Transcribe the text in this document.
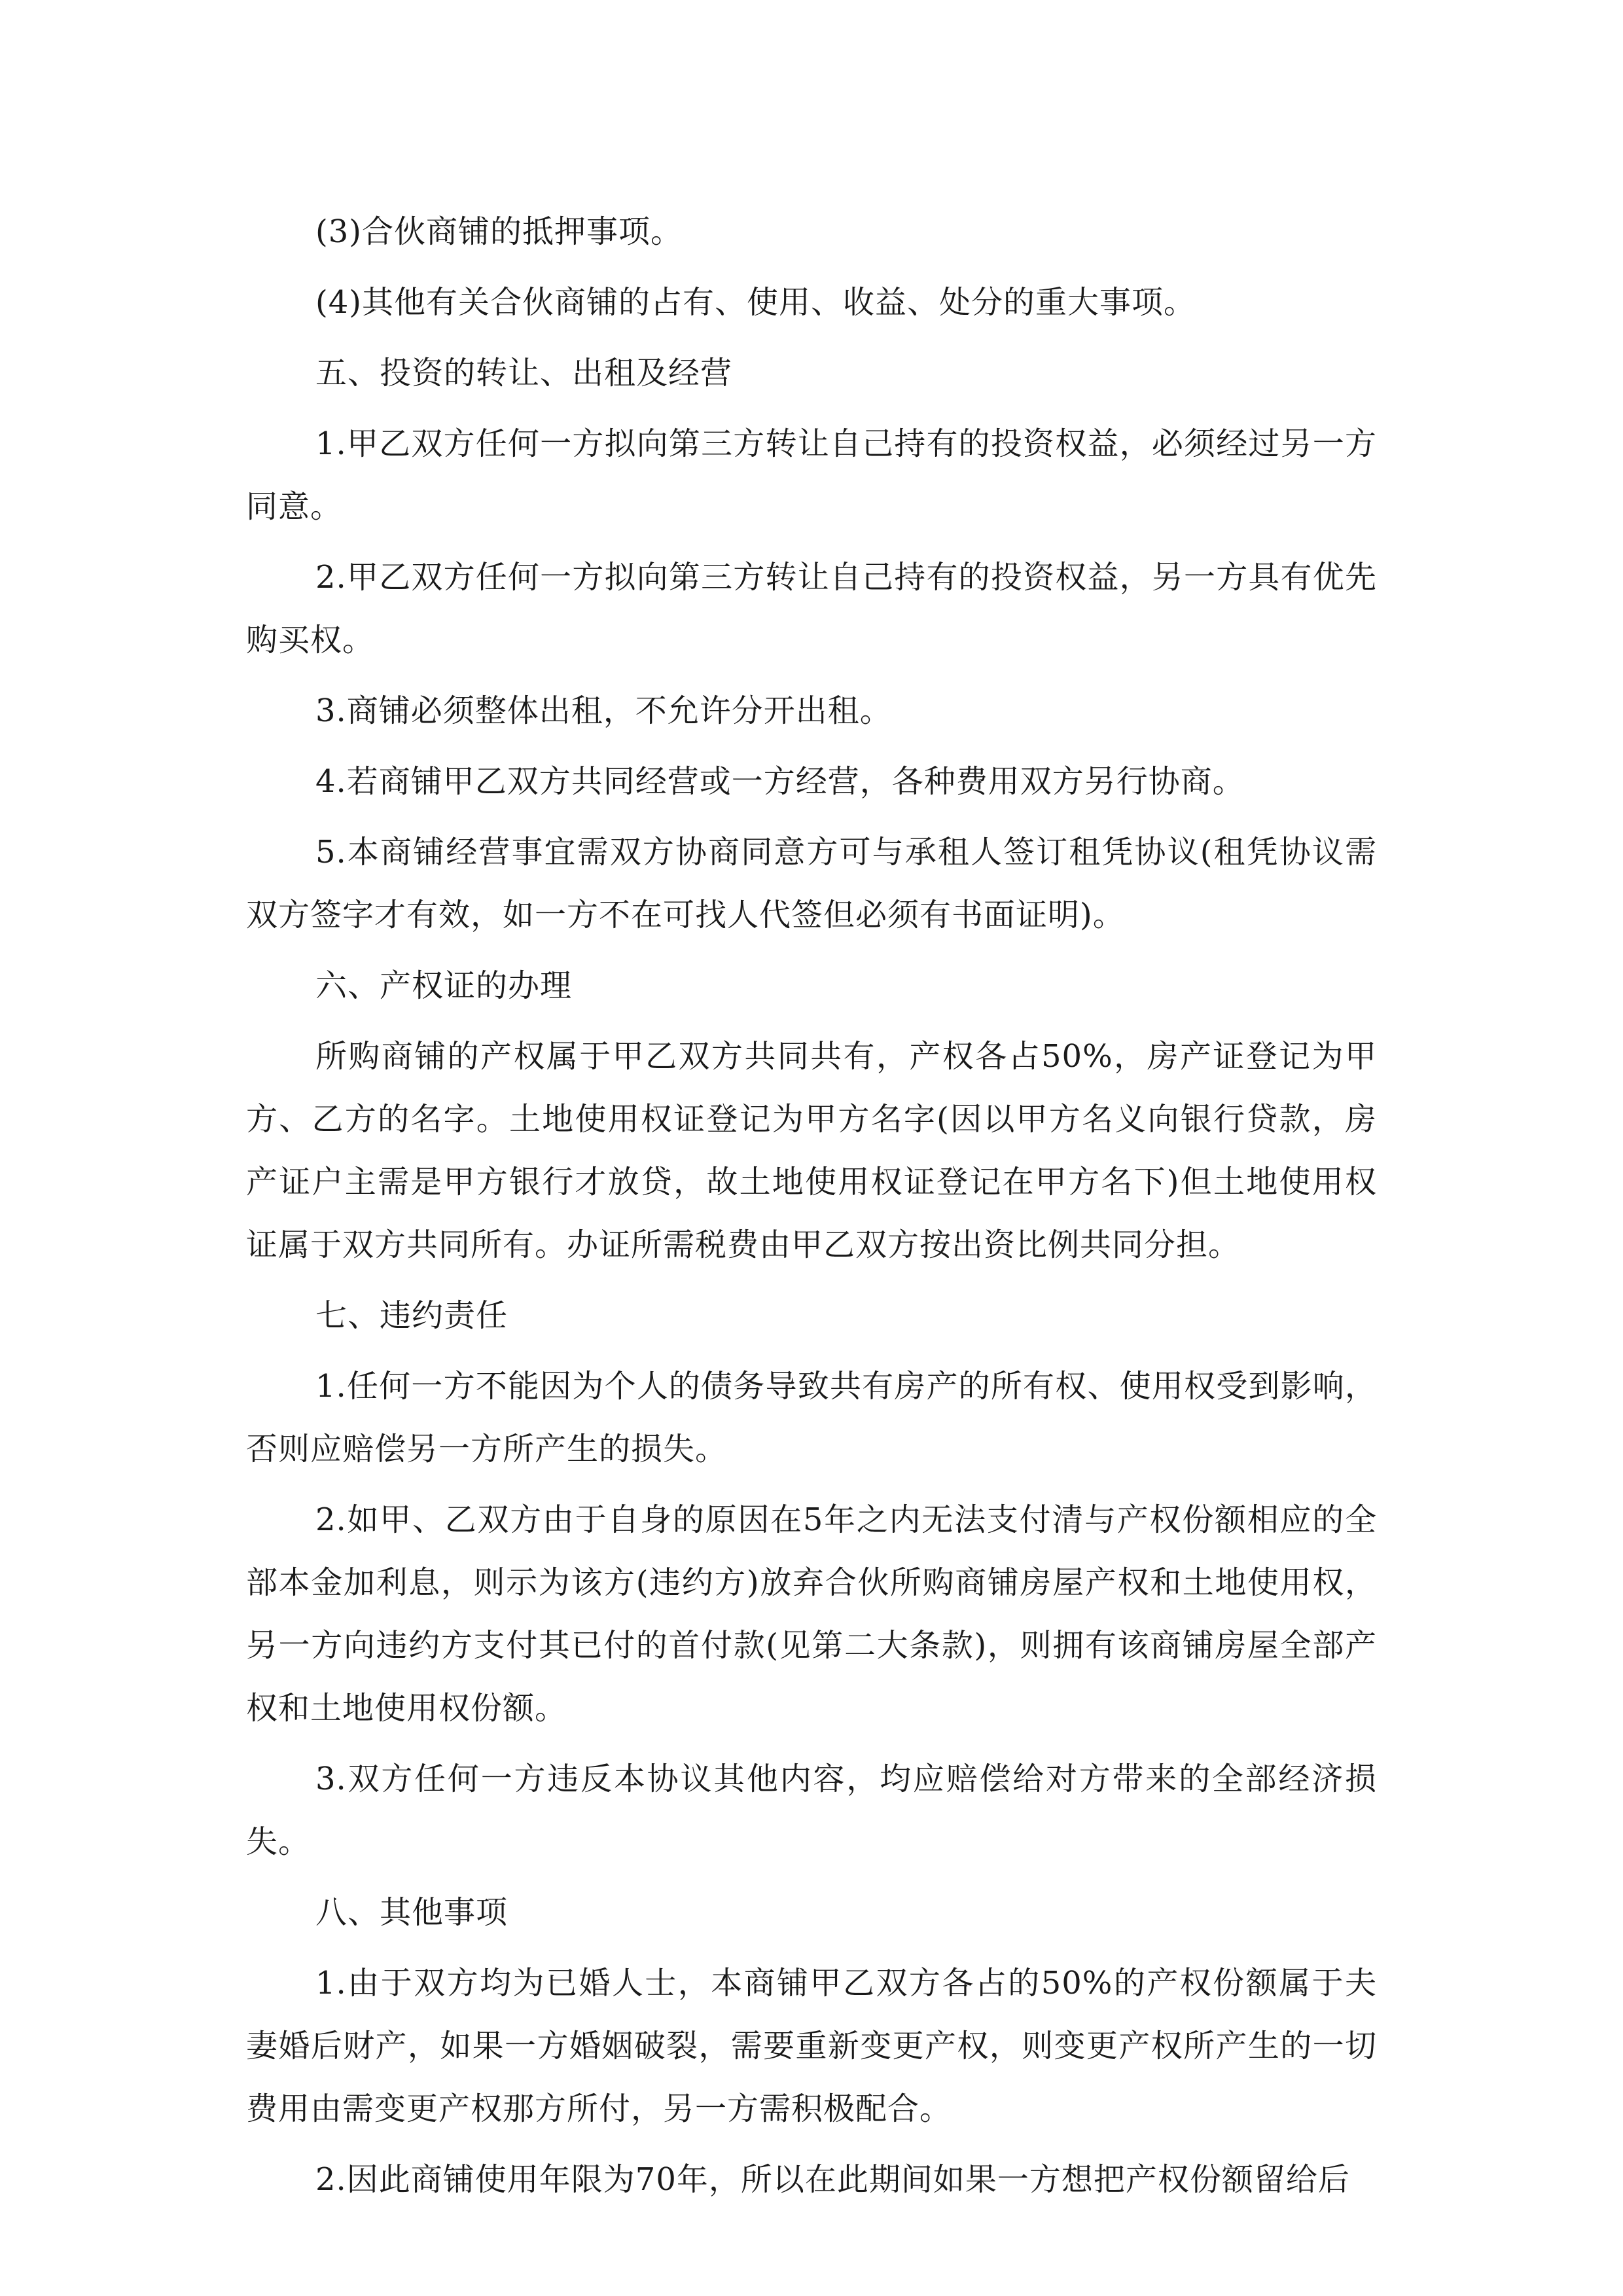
(3)合伙商铺的抵押事项。

(4)其他有关合伙商铺的占有、使用、收益、处分的重大事项。

五、投资的转让、出租及经营

1.甲乙双方任何一方拟向第三方转让自己持有的投资权益，必须经过另一方同意。

2.甲乙双方任何一方拟向第三方转让自己持有的投资权益，另一方具有优先购买权。

3.商铺必须整体出租，不允许分开出租。

4.若商铺甲乙双方共同经营或一方经营，各种费用双方另行协商。

5.本商铺经营事宜需双方协商同意方可与承租人签订租凭协议(租凭协议需双方签字才有效，如一方不在可找人代签但必须有书面证明)。

六、产权证的办理

所购商铺的产权属于甲乙双方共同共有，产权各占50%，房产证登记为甲方、乙方的名字。土地使用权证登记为甲方名字(因以甲方名义向银行贷款，房产证户主需是甲方银行才放贷，故土地使用权证登记在甲方名下)但土地使用权证属于双方共同所有。办证所需税费由甲乙双方按出资比例共同分担。

七、违约责任

1.任何一方不能因为个人的债务导致共有房产的所有权、使用权受到影响，否则应赔偿另一方所产生的损失。

2.如甲、乙双方由于自身的原因在5年之内无法支付清与产权份额相应的全部本金加利息，则示为该方(违约方)放弃合伙所购商铺房屋产权和土地使用权，另一方向违约方支付其已付的首付款(见第二大条款)，则拥有该商铺房屋全部产权和土地使用权份额。

3.双方任何一方违反本协议其他内容，均应赔偿给对方带来的全部经济损失。

八、其他事项

1.由于双方均为已婚人士，本商铺甲乙双方各占的50%的产权份额属于夫妻婚后财产，如果一方婚姻破裂，需要重新变更产权，则变更产权所产生的一切费用由需变更产权那方所付，另一方需积极配合。

2.因此商铺使用年限为70年，所以在此期间如果一方想把产权份额留给后
